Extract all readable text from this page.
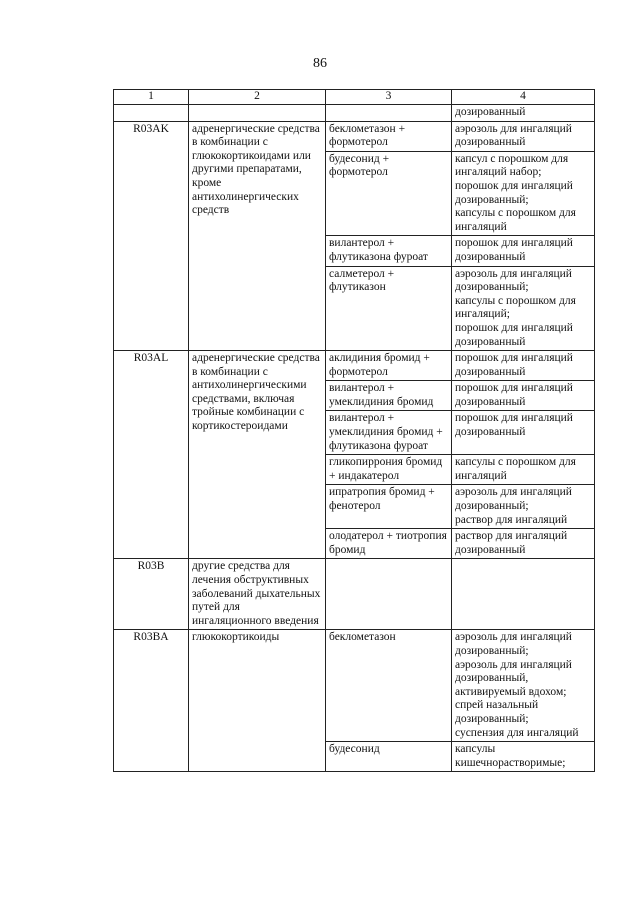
86
1	2	3	4
			дозированный
R03AK	адренергические средства в комбинации с глюкокортикоидами или другими препаратами, кроме антихолинергических средств	беклометазон + формотерол	аэрозоль для ингаляций дозированный
		будесонид + формотерол	капсул с порошком для ингаляций набор;
порошок для ингаляций дозированный;
капсулы с порошком для ингаляций
		вилантерол + флутиказона фуроат	порошок для ингаляций дозированный
		салметерол + флутиказон	аэрозоль для ингаляций дозированный;
капсулы с порошком для ингаляций;
порошок для ингаляций дозированный
R03AL	адренергические средства в комбинации с антихолинергическими средствами, включая тройные комбинации с кортикостероидами	аклидиния бромид + формотерол	порошок для ингаляций дозированный
		вилантерол + умеклидиния бромид	порошок для ингаляций дозированный
		вилантерол + умеклидиния бромид + флутиказона фуроат	порошок для ингаляций дозированный
		гликопиррония бромид + индакатерол	капсулы с порошком для ингаляций
		ипратропия бромид + фенотерол	аэрозоль для ингаляций дозированный;
раствор для ингаляций
		олодатерол + тиотропия бромид	раствор для ингаляций дозированный
R03B	другие средства для лечения обструктивных заболеваний дыхательных путей для ингаляционного введения		
R03BA	глюкокортикоиды	беклометазон	аэрозоль для ингаляций дозированный;
аэрозоль для ингаляций дозированный, активируемый вдохом;
спрей назальный дозированный;
суспензия для ингаляций
		будесонид	капсулы кишечнорастворимые;
